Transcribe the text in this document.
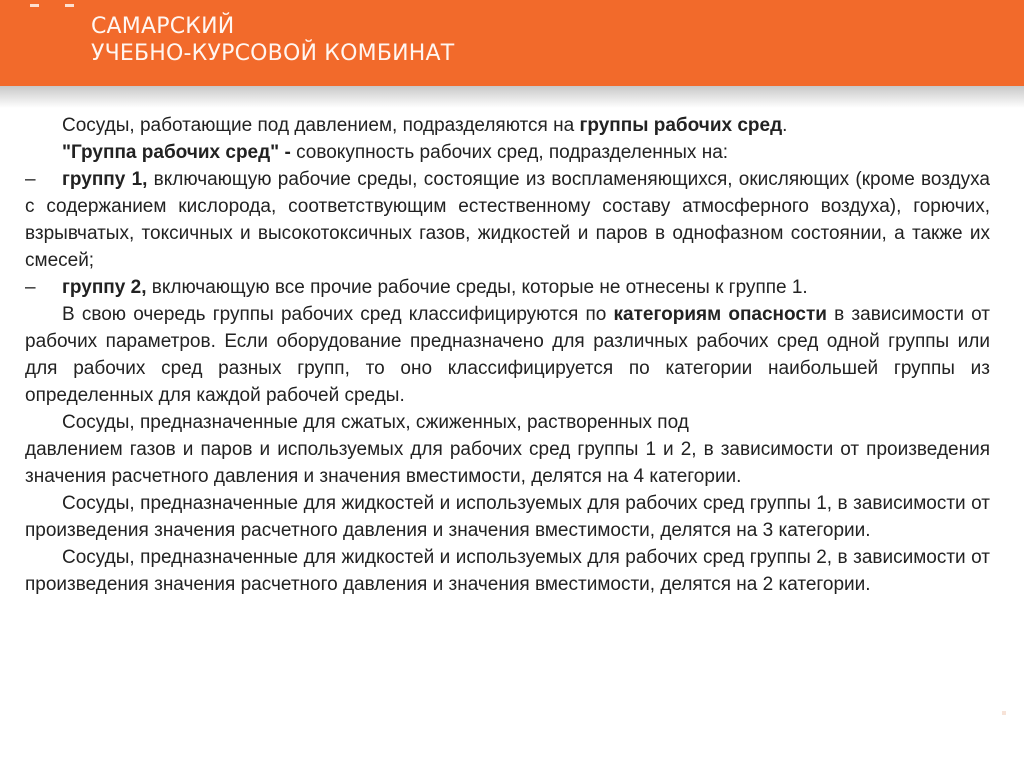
САМАРСКИЙ
УЧЕБНО-КУРСОВОЙ КОМБИНАТ

Сосуды, работающие под давлением, подразделяются на группы рабочих сред.

"Группа рабочих сред" - совокупность рабочих сред, подразделенных на:

– группу 1, включающую рабочие среды, состоящие из воспламеняющихся, окисляющих (кроме воздуха с содержанием кислорода, соответствующим естественному составу атмосферного воздуха), горючих, взрывчатых, токсичных и высокотоксичных газов, жидкостей и паров в однофазном состоянии, а также их смесей;

– группу 2, включающую все прочие рабочие среды, которые не отнесены к группе 1.

В свою очередь группы рабочих сред классифицируются по категориям опасности в зависимости от рабочих параметров. Если оборудование предназначено для различных рабочих сред одной группы или для рабочих сред разных групп, то оно классифицируется по категории наибольшей группы из определенных для каждой рабочей среды.

Сосуды, предназначенные для сжатых, сжиженных, растворенных под

давлением газов и паров и используемых для рабочих сред группы 1 и 2, в зависимости от произведения значения расчетного давления и значения вместимости, делятся на 4 категории.

Сосуды, предназначенные для жидкостей и используемых для рабочих сред группы 1, в зависимости от произведения значения расчетного давления и значения вместимости, делятся на 3 категории.

Сосуды, предназначенные для жидкостей и используемых для рабочих сред группы 2, в зависимости от произведения значения расчетного давления и значения вместимости, делятся на 2 категории.
